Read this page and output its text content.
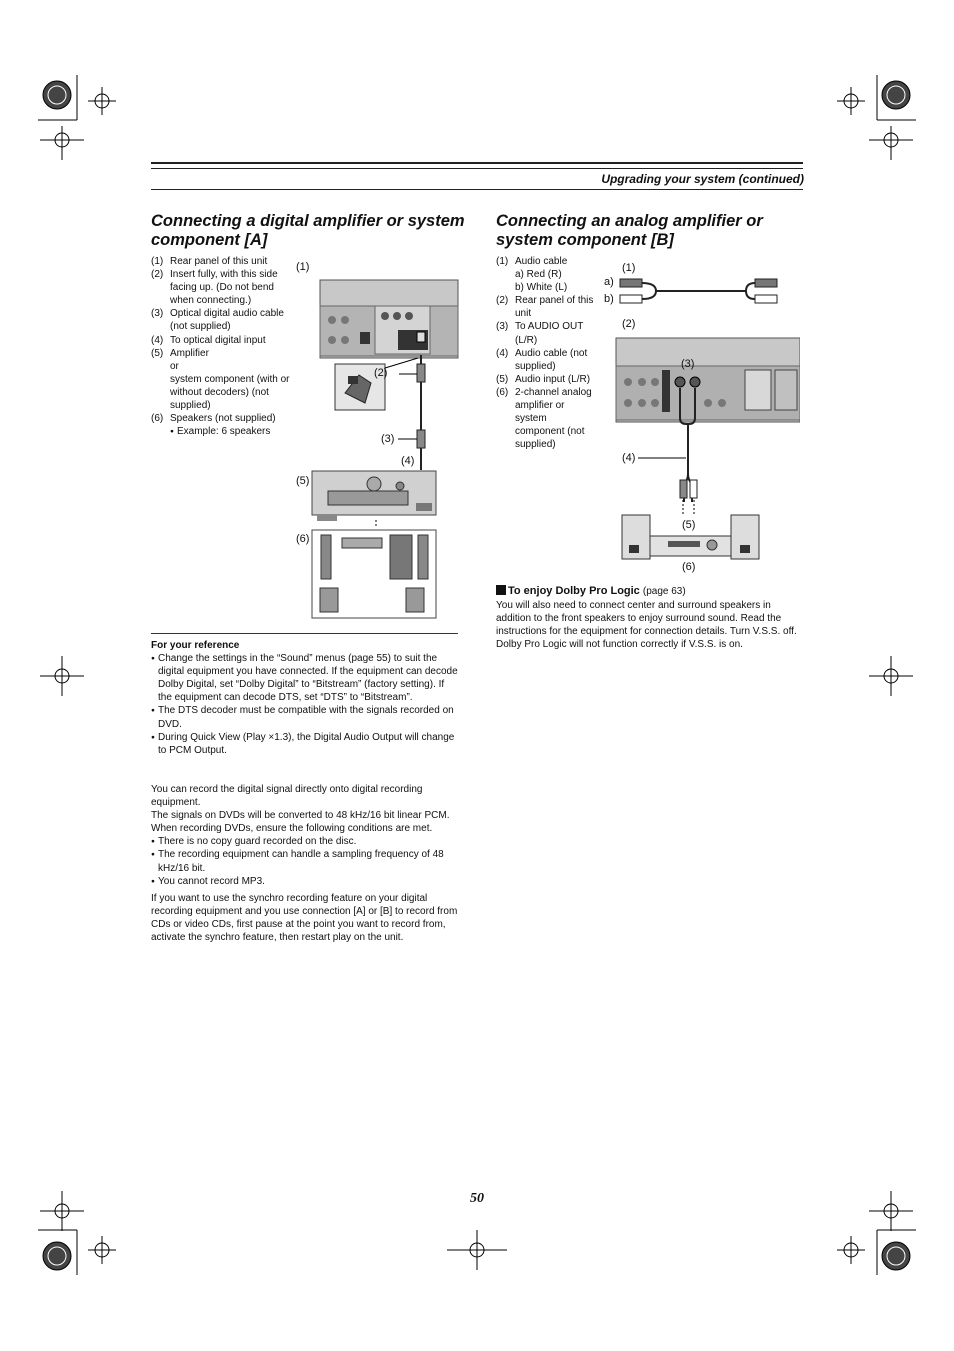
Upgrading your system (continued)
Connecting a digital amplifier or system
component [A]
(1) Rear panel of this unit
(2) Insert fully, with this side facing up. (Do not bend when connecting.)
(3) Optical digital audio cable (not supplied)
(4) To optical digital input
(5) Amplifier
or
system component (with or without decoders) (not supplied)
(6) Speakers (not supplied)
● Example: 6 speakers
(1)
(2)
(3)
(4)
(5)
(6)
For your reference
● Change the settings in the “Sound” menus (page 55) to suit the digital equipment you have connected. If the equipment can decode Dolby Digital, set “Dolby Digital” to “Bitstream” (factory setting). If the equipment can decode DTS, set “DTS” to “Bitstream”.
● The DTS decoder must be compatible with the signals recorded on DVD.
● During Quick View (Play ×1.3), the Digital Audio Output will change to PCM Output.
You can record the digital signal directly onto digital recording equipment.
The signals on DVDs will be converted to 48 kHz/16 bit linear PCM.
When recording DVDs, ensure the following conditions are met.
● There is no copy guard recorded on the disc.
● The recording equipment can handle a sampling frequency of 48 kHz/16 bit.
● You cannot record MP3.
If you want to use the synchro recording feature on your digital recording equipment and you use connection [A] or [B] to record from CDs or video CDs, first pause at the point you want to record from, activate the synchro feature, then restart play on the unit.
Connecting an analog amplifier or
system component [B]
(1) Audio cable
a) Red (R)
b) White (L)
(2) Rear panel of this unit
(3) To AUDIO OUT (L/R)
(4) Audio cable (not supplied)
(5) Audio input (L/R)
(6) 2-channel analog amplifier or system component (not supplied)
(1)
a)
b)
(2)
(3)
(4)
(5)
(6)
To enjoy Dolby Pro Logic (page 63)
You will also need to connect center and surround speakers in addition to the front speakers to enjoy surround sound. Read the instructions for the equipment for connection details. Turn V.S.S. off. Dolby Pro Logic will not function correctly if V.S.S. is on.
50
